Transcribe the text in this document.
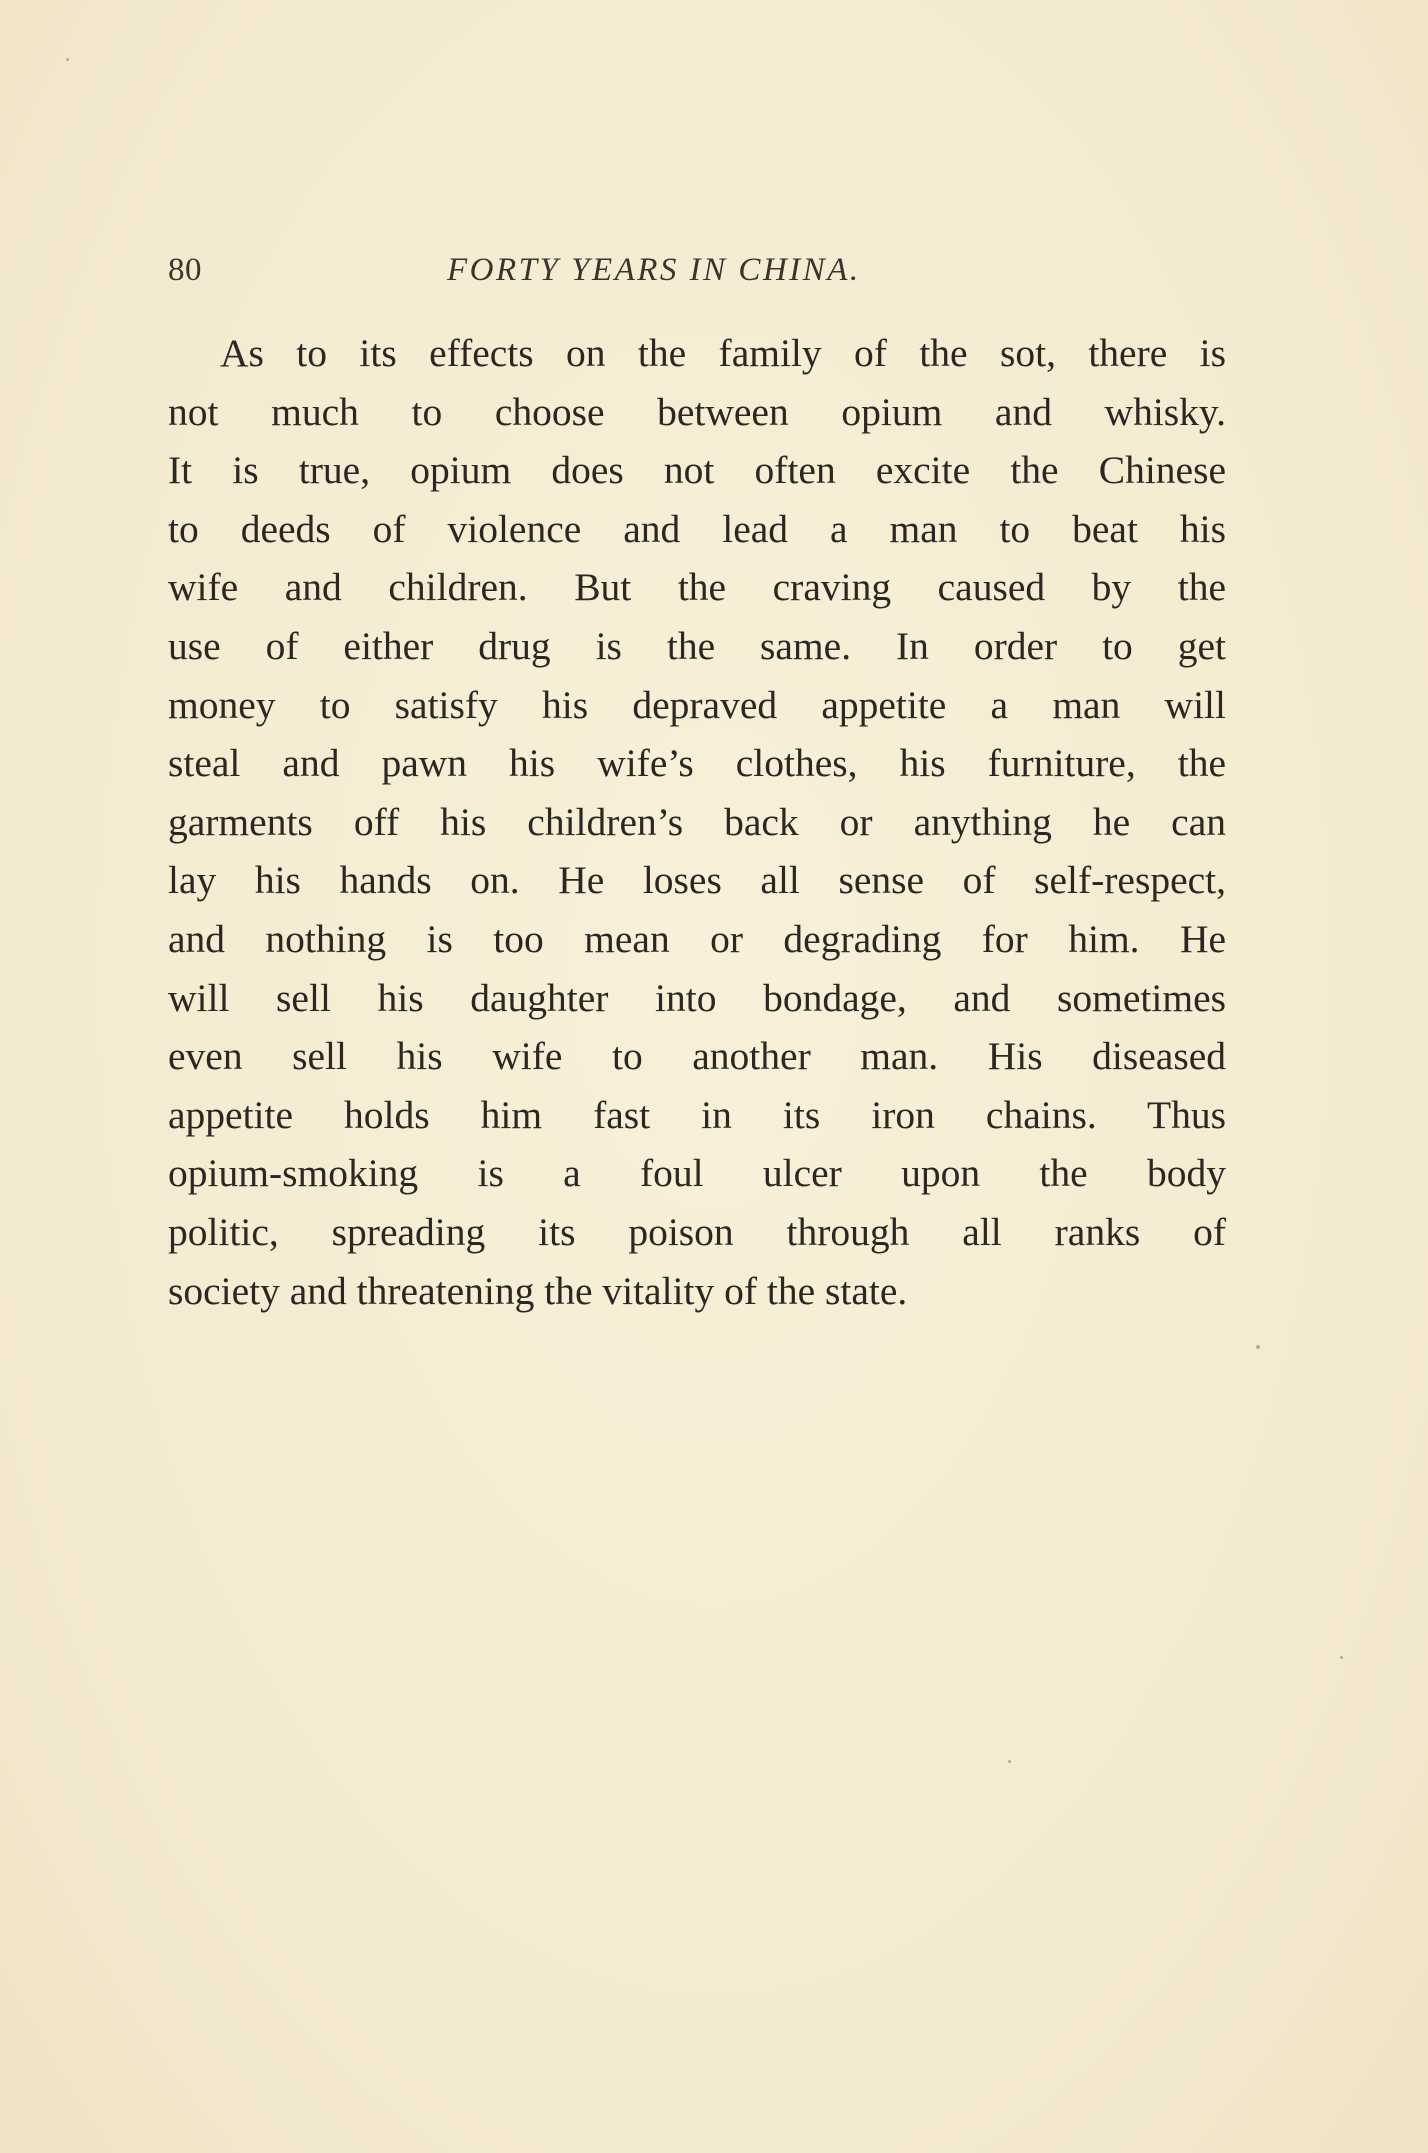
80	FORTY YEARS IN CHINA.
As to its effects on the family of the sot, there is
not much to choose between opium and whisky.
It is true, opium does not often excite the Chinese
to deeds of violence and lead a man to beat his
wife and children. But the craving caused by the
use of either drug is the same. In order to get
money to satisfy his depraved appetite a man will
steal and pawn his wife’s clothes, his furniture, the
garments off his children’s back or anything he can
lay his hands on. He loses all sense of self-respect,
and nothing is too mean or degrading for him. He
will sell his daughter into bondage, and sometimes
even sell his wife to another man. His diseased
appetite holds him fast in its iron chains. Thus
opium-smoking is a foul ulcer upon the body
politic, spreading its poison through all ranks of
society and threatening the vitality of the state.
